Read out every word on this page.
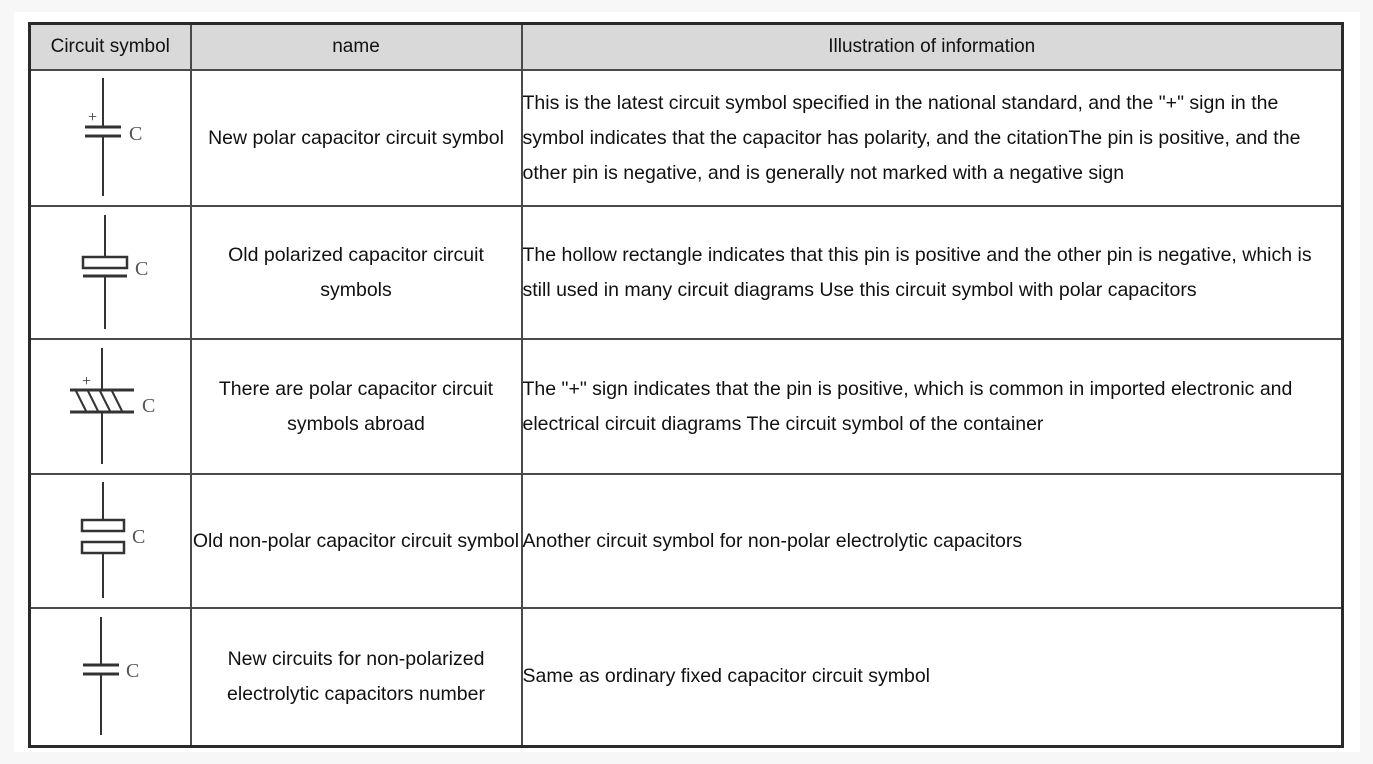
Circuit symbol	name	Illustration of information

+
C	New polar capacitor circuit symbol	This is the latest circuit symbol specified in the national standard, and the "+" sign in the symbol indicates that the capacitor has polarity, and the citationThe pin is positive, and the other pin is negative, and is generally not marked with a negative sign

C	Old polarized capacitor circuit symbols	The hollow rectangle indicates that this pin is positive and the other pin is negative, which is still used in many circuit diagrams Use this circuit symbol with polar capacitors

+
C	There are polar capacitor circuit symbols abroad	The "+" sign indicates that the pin is positive, which is common in imported electronic and electrical circuit diagrams The circuit symbol of the container

C	Old non-polar capacitor circuit symbol	Another circuit symbol for non-polar electrolytic capacitors

C	New circuits for non-polarized electrolytic capacitors number	Same as ordinary fixed capacitor circuit symbol
